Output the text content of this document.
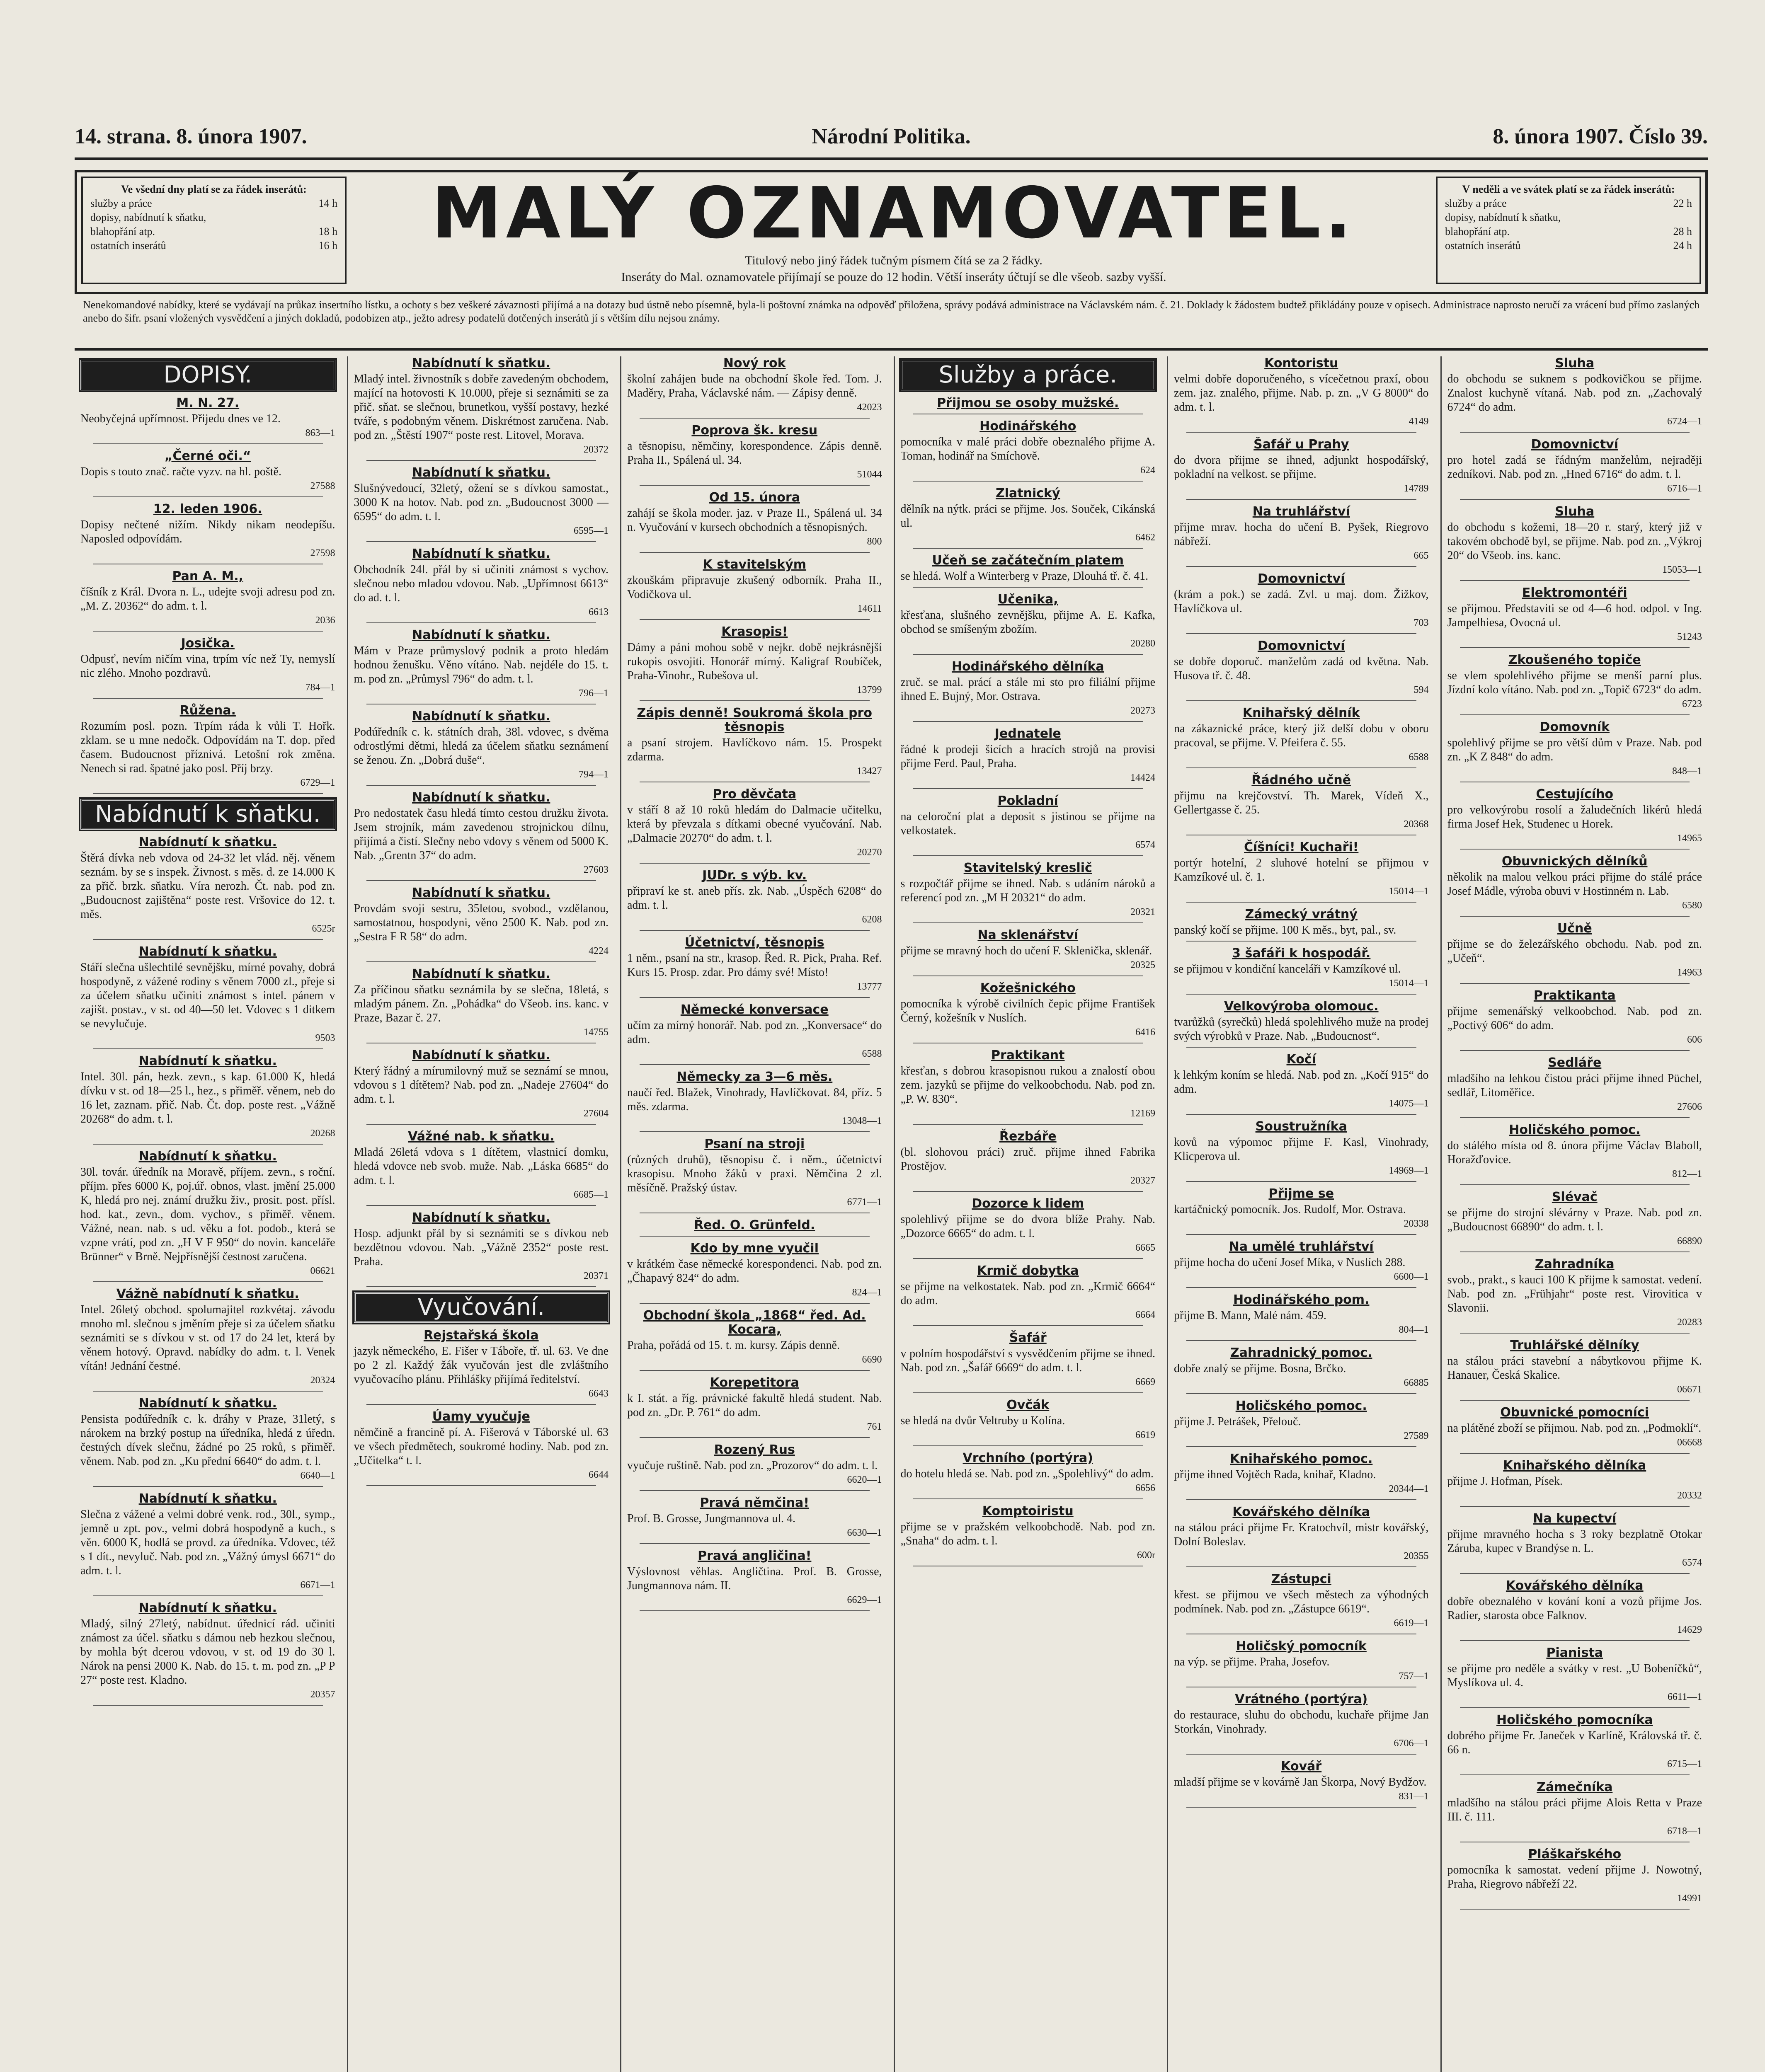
14. strana. 8. února 1907.	Národní Politika.	8. února 1907. Číslo 39.
Ve všední dny platí se za řádek inserátů:
služby a práce	14 h
dopisy, nabídnutí k sňatku,
blahopřání atp.	18 h
ostatních inserátů	16 h	MALÝ OZNAMOVATEL.
Titulový nebo jiný řádek tučným písmem čítá se za 2 řádky.
Inseráty do Mal. oznamovatele přijímají se pouze do 12 hodin. Větší inseráty účtují se dle všeob. sazby vyšší.
V neděli a ve svátek platí se za řádek inserátů:
služby a práce	22 h
dopisy, nabídnutí k sňatku,
blahopřání atp.	28 h
ostatních inserátů	24 h
Nenekomandové nabídky, které se vydávají na průkaz insertního lístku, a ochoty s bez veškeré závaznosti přijímá a na dotazy bud ústně nebo písemně, byla-li poštovní známka na odpověď přiložena, správy podává administrace na Václavském nám. č. 21. Doklady k žádostem budtež přikládány pouze v opisech. Administrace naprosto neručí za vrácení bud přímo zaslaných anebo do šifr. psaní vložených vysvědčení a jiných dokladů, podobizen atp., ježto adresy podatelů dotčených inserátů jí s větším dílu nejsou známy.
DOPISY.
M. N. 27.
Neobyčejná upřímnost. Přijedu dnes ve 12.
863—1
„Černé oči.“
Dopis s touto znač. račte vyzv. na hl. poště.
27588
12. leden 1906.
Dopisy nečtené nižím. Nikdy nikam neodepíšu. Naposled odpovídám.
27598
Pan A. M.,
číšník z Král. Dvora n. L., udejte svoji adresu pod zn. „M. Z. 20362“ do adm. t. l.
2036
Josička.
Odpusť, nevím ničím vina, trpím víc než Ty, nemyslí nic zlého. Mnoho pozdravů.
784—1
Růžena.
Rozumím posl. pozn. Trpím ráda k vůli T. Hořk. zklam. se u mne nedočk. Odpovídám na T. dop. před časem. Budoucnost příznivá. Letošní rok změna. Nenech si rad. špatné jako posl. Příj brzy.
6729—1
Nabídnutí k sňatku.
Nabídnutí k sňatku.
Štěrá dívka neb vdova od 24-32 let vlád. něj. věnem seznám. by se s inspek. Živnost. s měs. d. ze 14.000 K za přič. brzk. sňatku. Víra nerozh. Čt. nab. pod zn. „Budoucnost zajištěna“ poste rest. Vršovice do 12. t. měs.
6525r
Nabídnutí k sňatku.
Stáří slečna ušlechtilé sevnějšku, mírné povahy, dobrá hospodyně, z vážené rodiny s věnem 7000 zl., přeje si za účelem sňatku učiniti známost s intel. pánem v zajišt. postav., v st. od 40—50 let. Vdovec s 1 ditkem se nevylučuje.
9503
Nabídnutí k sňatku.
Intel. 30l. pán, hezk. zevn., s kap. 61.000 K, hledá dívku v st. od 18—25 l., hez., s přiměř. věnem, neb do 16 let, zaznam. přič. Nab. Čt. dop. poste rest. „Vážně 20268“ do adm. t. l.
20268
Nabídnutí k sňatku.
30l. továr. úředník na Moravě, příjem. zevn., s roční. příjm. přes 6000 K, poj.úř. obnos, vlast. jmění 25.000 K, hledá pro nej. známí družku živ., prosit. post. přísl. hod. kat., zevn., dom. vychov., s přiměř. věnem. Vážné, nean. nab. s ud. věku a fot. podob., která se vzpne vrátí, pod zn. „H V F 950“ do novin. kanceláře Brünner“ v Brně. Nejpřísnější čestnost zaručena.
06621
Vážně nabídnutí k sňatku.
Intel. 26letý obchod. spolumajitel rozkvétaj. závodu mnoho ml. slečnou s jměním přeje si za účelem sňatku seznámiti se s dívkou v st. od 17 do 24 let, která by věnem hotový. Opravd. nabídky do adm. t. l. Venek vítán! Jednání čestné.
20324
Nabídnutí k sňatku.
Pensista podúředník c. k. dráhy v Praze, 31letý, s nárokem na brzký postup na úředníka, hledá z úředn. čestných dívek slečnu, žádné po 25 roků, s přiměř. věnem. Nab. pod zn. „Ku přední 6640“ do adm. t. l.
6640—1
Nabídnutí k sňatku.
Slečna z vážené a velmi dobré venk. rod., 30l., symp., jemně u zpt. pov., velmi dobrá hospodyně a kuch., s věn. 6000 K, hodlá se provd. za úředníka. Vdovec, též s 1 dít., nevyluč. Nab. pod zn. „Vážný úmysl 6671“ do adm. t. l.
6671—1
Nabídnutí k sňatku.
Mladý, silný 27letý, nabídnut. úřednicí rád. učiniti známost za účel. sňatku s dámou neb hezkou slečnou, by mohla být dcerou vdovou, v st. od 19 do 30 l. Nárok na pensi 2000 K. Nab. do 15. t. m. pod zn. „P P 27“ poste rest. Kladno.
20357
Nabídnutí k sňatku.
Mladý intel. živnostník s dobře zavedeným obchodem, mající na hotovosti K 10.000, přeje si seznámiti se za přič. sňat. se slečnou, brunetkou, vyšší postavy, hezké tváře, s podobným věnem. Diskrétnost zaručena. Nab. pod zn. „Štěstí 1907“ poste rest. Litovel, Morava.
20372
Nabídnutí k sňatku.
Slušnývedoucí, 32letý, ožení se s dívkou samostat., 3000 K na hotov. Nab. pod zn. „Budoucnost 3000 — 6595“ do adm. t. l.
6595—1
Nabídnutí k sňatku.
Obchodník 24l. přál by si učiniti známost s vychov. slečnou nebo mladou vdovou. Nab. „Upřímnost 6613“ do ad. t. l.
6613
Nabídnutí k sňatku.
Mám v Praze průmyslový podnik a proto hledám hodnou ženušku. Věno vítáno. Nab. nejdéle do 15. t. m. pod zn. „Průmysl 796“ do adm. t. l.
796—1
Nabídnutí k sňatku.
Podúředník c. k. státních drah, 38l. vdovec, s dvěma odrostlými dětmi, hledá za účelem sňatku seznámení se ženou. Zn. „Dobrá duše“.
794—1
Nabídnutí k sňatku.
Pro nedostatek času hledá tímto cestou družku života. Jsem strojník, mám zavedenou strojnickou dílnu, přijímá a čistí. Slečny nebo vdovy s věnem od 5000 K. Nab. „Grentn 37“ do adm.
27603
Nabídnutí k sňatku.
Provdám svoji sestru, 35letou, svobod., vzdělanou, samostatnou, hospodyni, věno 2500 K. Nab. pod zn. „Sestra F R 58“ do adm.
4224
Nabídnutí k sňatku.
Za příčinou sňatku seznámila by se slečna, 18letá, s mladým pánem. Zn. „Pohádka“ do Všeob. ins. kanc. v Praze, Bazar č. 27.
14755
Nabídnutí k sňatku.
Který řádný a mírumilovný muž se seznámí se mnou, vdovou s 1 dítětem? Nab. pod zn. „Nadeje 27604“ do adm. t. l.
27604
Vážné nab. k sňatku.
Mladá 26letá vdova s 1 dítětem, vlastnicí domku, hledá vdovce neb svob. muže. Nab. „Láska 6685“ do adm. t. l.
6685—1
Nabídnutí k sňatku.
Hosp. adjunkt přál by si seznámiti se s dívkou neb bezdětnou vdovou. Nab. „Vážně 2352“ poste rest. Praha.
20371
Vyučování.
Rejstařská škola
jazyk německého, E. Fišer v Táboře, tř. ul. 63. Ve dne po 2 zl. Každý žák vyučován jest dle zvláštního vyučovacího plánu. Přihlášky přijímá ředitelství.
6643
Úamy vyučuje
němčině a francině pí. A. Fišerová v Táborské ul. 63 ve všech předmětech, soukromé hodiny. Nab. pod zn. „Učitelka“ t. l.
6644
Nový rok
školní zahájen bude na obchodní škole řed. Tom. J. Maděry, Praha, Václavské nám. — Zápisy denně.
42023
Poprova šk. kresu
a těsnopisu, němčiny, korespondence. Zápis denně. Praha II., Spálená ul. 34.
51044
Od 15. února
zahájí se škola moder. jaz. v Praze II., Spálená ul. 34 n. Vyučování v kursech obchodních a těsnopisných.
800
K stavitelským
zkouškám připravuje zkušený odborník. Praha II., Vodičkova ul.
14611
Krasopis!
Dámy a páni mohou sobě v nejkr. době nejkrásnější rukopis osvojiti. Honorář mírný. Kaligraf Roubíček, Praha-Vinohr., Rubešova ul.
13799
Zápis denně! Soukromá škola pro těsnopis
a psaní strojem. Havlíčkovo nám. 15. Prospekt zdarma.
13427
Pro děvčata
v stáří 8 až 10 roků hledám do Dalmacie učitelku, která by převzala s dítkami obecné vyučování. Nab. „Dalmacie 20270“ do adm. t. l.
20270
JUDr. s výb. kv.
připraví ke st. aneb přís. zk. Nab. „Úspěch 6208“ do adm. t. l.
6208
Účetnictví, těsnopis
1 něm., psaní na str., krasop. Řed. R. Pick, Praha. Ref. Kurs 15. Prosp. zdar. Pro dámy své! Místo!
13777
Německé konversace
učím za mírný honorář. Nab. pod zn. „Konversace“ do adm.
6588
Německy za 3—6 měs.
naučí řed. Blažek, Vinohrady, Havlíčkovat. 84, příz. 5 měs. zdarma.
13048—1
Psaní na stroji
(různých druhů), těsnopisu č. i něm., účetnictví krasopisu. Mnoho žáků v praxi. Němčina 2 zl. měsíčně. Pražský ústav.
6771—1
Řed. O. Grünfeld.
Kdo by mne vyučil
v krátkém čase německé korespondenci. Nab. pod zn. „Čhapavý 824“ do adm.
824—1
Obchodní škola „1868“ řed. Ad. Kocara,
Praha, pořádá od 15. t. m. kursy. Zápis denně.
6690
Korepetitora
k I. stát. a říg. právnické fakultě hledá student. Nab. pod zn. „Dr. P. 761“ do adm.
761
Rozený Rus
vyučuje ruštině. Nab. pod zn. „Prozorov“ do adm. t. l.
6620—1
Pravá němčina!
Prof. B. Grosse, Jungmannova ul. 4.
6630—1
Pravá angličina!
Výslovnost věhlas. Angličtina. Prof. B. Grosse, Jungmannova nám. II.
6629—1
Služby a práce.
Přijmou se osoby mužské.
Hodinářského
pomocníka v malé práci dobře obeznalého přijme A. Toman, hodinář na Smíchově.
624
Zlatnický
dělník na nýtk. práci se přijme. Jos. Souček, Cikánská ul.
6462
Učeň se začátečním platem
se hledá. Wolf a Winterberg v Praze, Dlouhá tř. č. 41.
Učenika,
křesťana, slušného zevnějšku, přijme A. E. Kafka, obchod se smíšeným zbožím.
20280
Hodinářského dělníka
zruč. se mal. prácí a stále mi sto pro filiální přijme ihned E. Bujný, Mor. Ostrava.
20273
Jednatele
řádné k prodeji šicích a hracích strojů na provisi přijme Ferd. Paul, Praha.
14424
Pokladní
na celoroční plat a deposit s jistinou se přijme na velkostatek.
6574
Stavitelský kreslič
s rozpočtář přijme se ihned. Nab. s udáním nároků a referencí pod zn. „M H 20321“ do adm.
20321
Na sklenářství
přijme se mravný hoch do učení F. Sklenička, sklenář.
20325
Kožešnického
pomocníka k výrobě civilních čepic přijme František Černý, kožešník v Nuslích.
6416
Praktikant
křesťan, s dobrou krasopisnou rukou a znalostí obou zem. jazyků se přijme do velkoobchodu. Nab. pod zn. „P. W. 830“.
12169
Řezbáře
(bl. slohovou práci) zruč. přijme ihned Fabrika Prostějov.
20327
Dozorce k lidem
spolehlivý přijme se do dvora blíže Prahy. Nab. „Dozorce 6665“ do adm. t. l.
6665
Krmič dobytka
se přijme na velkostatek. Nab. pod zn. „Krmič 6664“ do adm.
6664
Šafář
v polním hospodářství s vysvědčením přijme se ihned. Nab. pod zn. „Šafář 6669“ do adm. t. l.
6669
Ovčák
se hledá na dvůr Veltruby u Kolína.
6619
Vrchního (portýra)
do hotelu hledá se. Nab. pod zn. „Spolehlivý“ do adm.
6656
Komptoiristu
přijme se v pražském velkoobchodě. Nab. pod zn. „Snaha“ do adm. t. l.
600r
Kontoristu
velmi dobře doporučeného, s vícečetnou praxí, obou zem. jaz. znalého, přijme. Nab. p. zn. „V G 8000“ do adm. t. l.
4149
Šafář u Prahy
do dvora přijme se ihned, adjunkt hospodářský, pokladní na velkost. se přijme.
14789
Na truhlářství
přijme mrav. hocha do učení B. Pyšek, Riegrovo nábřeží.
665
Domovnictví
(krám a pok.) se zadá. Zvl. u maj. dom. Žižkov, Havlíčkova ul.
703
Domovnictví
se dobře doporuč. manželům zadá od května. Nab. Husova tř. č. 48.
594
Knihařský dělník
na zákaznické práce, který již delší dobu v oboru pracoval, se přijme. V. Pfeifera č. 55.
6588
Řádného učně
přijmu na krejčovství. Th. Marek, Vídeň X., Gellertgasse č. 25.
20368
Číšníci! Kuchaři!
portýr hotelní, 2 sluhové hotelní se přijmou v Kamzíkové ul. č. 1.
15014—1
Zámecký vrátný
panský kočí se přijme. 100 K měs., byt, pal., sv.
3 šafáři k hospodář.
se přijmou v kondiční kanceláři v Kamzíkové ul.
15014—1
Velkovýroba olomouc.
tvarůžků (syrečků) hledá spolehlivého muže na prodej svých výrobků v Praze. Nab. „Budoucnost“.
Kočí
k lehkým koním se hledá. Nab. pod zn. „Kočí 915“ do adm.
14075—1
Soustružníka
kovů na výpomoc přijme F. Kasl, Vinohrady, Klicperova ul.
14969—1
Přijme se
kartáčnický pomocník. Jos. Rudolf, Mor. Ostrava.
20338
Na umělé truhlářství
přijme hocha do učení Josef Míka, v Nuslích 288.
6600—1
Hodinářského pom.
přijme B. Mann, Malé nám. 459.
804—1
Zahradnický pomoc.
dobře znalý se přijme. Bosna, Brčko.
66885
Holičského pomoc.
přijme J. Petrášek, Přelouč.
27589
Knihařského pomoc.
přijme ihned Vojtěch Rada, knihař, Kladno.
20344—1
Kovářského dělníka
na stálou práci přijme Fr. Kratochvíl, mistr kovářský, Dolní Boleslav.
20355
Zástupci
křest. se přijmou ve všech městech za výhodných podmínek. Nab. pod zn. „Zástupce 6619“.
6619—1
Holičský pomocník
na výp. se přijme. Praha, Josefov.
757—1
Vrátného (portýra)
do restaurace, sluhu do obchodu, kuchaře přijme Jan Storkán, Vinohrady.
6706—1
Kovář
mladší přijme se v kovárně Jan Škorpa, Nový Bydžov.
831—1
Sluha
do obchodu se suknem s podkovičkou se přijme. Znalost kuchyně vítaná. Nab. pod zn. „Zachovalý 6724“ do adm.
6724—1
Domovnictví
pro hotel zadá se řádným manželům, nejraději zedníkovi. Nab. pod zn. „Hned 6716“ do adm. t. l.
6716—1
Sluha
do obchodu s kožemi, 18—20 r. starý, který již v takovém obchodě byl, se přijme. Nab. pod zn. „Výkroj 20“ do Všeob. ins. kanc.
15053—1
Elektromontéři
se přijmou. Představiti se od 4—6 hod. odpol. v Ing. Jampelhiesa, Ovocná ul.
51243
Zkoušeného topiče
se vlem spolehlivého přijme se menší parní plus. Jízdní kolo vítáno. Nab. pod zn. „Topič 6723“ do adm.
6723
Domovník
spolehlivý přijme se pro větší dům v Praze. Nab. pod zn. „K Z 848“ do adm.
848—1
Cestujícího
pro velkovýrobu rosolí a žaludečních likérů hledá firma Josef Hek, Studenec u Horek.
14965
Obuvnických dělníků
několik na malou velkou práci přijme do stálé práce Josef Mádle, výroba obuvi v Hostinném n. Lab.
6580
Učně
přijme se do železářského obchodu. Nab. pod zn. „Učeň“.
14963
Praktikanta
přijme semenářský velkoobchod. Nab. pod zn. „Poctivý 606“ do adm.
606
Sedláře
mladšího na lehkou čistou práci přijme ihned Püchel, sedlář, Litoměřice.
27606
Holičského pomoc.
do stálého místa od 8. února přijme Václav Blaboll, Horažďovice.
812—1
Slévač
se přijme do strojní slévárny v Praze. Nab. pod zn. „Budoucnost 66890“ do adm. t. l.
66890
Zahradníka
svob., prakt., s kauci 100 K přijme k samostat. vedení. Nab. pod zn. „Frühjahr“ poste rest. Virovitica v Slavonii.
20283
Truhlářské dělníky
na stálou práci stavební a nábytkovou přijme K. Hanauer, Česká Skalice.
06671
Obuvnické pomocníci
na plátěné zboží se přijmou. Nab. pod zn. „Podmoklí“.
06668
Knihařského dělníka
přijme J. Hofman, Písek.
20332
Na kupectví
přijme mravného hocha s 3 roky bezplatně Otokar Záruba, kupec v Brandýse n. L.
6574
Kovářského dělníka
dobře obeznalého v kování koní a vozů přijme Jos. Radier, starosta obce Falknov.
14629
Pianista
se přijme pro neděle a svátky v rest. „U Bobeníčků“, Myslíkova ul. 4.
6611—1
Holičského pomocníka
dobrého přijme Fr. Janeček v Karlíně, Královská tř. č. 66 n.
6715—1
Zámečníka
mladšího na stálou práci přijme Alois Retta v Praze III. č. 111.
6718—1
Pláškařského
pomocníka k samostat. vedení přijme J. Nowotný, Praha, Riegrovo nábřeží 22.
14991
